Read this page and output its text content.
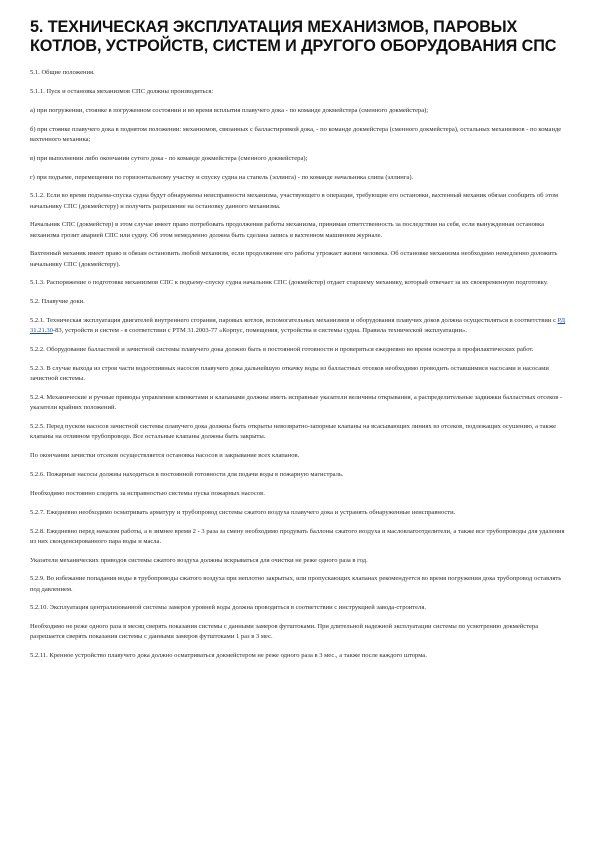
5. ТЕХНИЧЕСКАЯ ЭКСПЛУАТАЦИЯ МЕХАНИЗМОВ, ПАРОВЫХ КОТЛОВ, УСТРОЙСТВ, СИСТЕМ И ДРУГОГО ОБОРУДОВАНИЯ СПС

5.1. Общие положения.

5.1.1. Пуск и остановка механизмов СПС должны производиться:

а) при погружении, стоянке в погруженном состоянии и во время всплытия плавучего дока - по команде докмейстера (сменного докмейстера);

б) при стоянке плавучего дока в поднятом положении: механизмов, связанных с балластировкой дока, - по команде докмейстера (сменного докмейстера), остальных механизмов - по команде вахтенного механика;

в) при выполнении либо окончании сутого дока - по команде докмейстера (сменного докмейстера);

г) при подъеме, перемещении по горизонтальному участку и спуску судна на стапель (эллинга) - по команде начальника слипа (эллинга).

5.1.2. Если во время подъема-спуска судна будут обнаружены неисправности механизма, участвующего в операции, требующие его остановки, вахтенный механик обязан сообщить об этом начальнику СПС (докмейстеру) и получить разрешение на остановку данного механизма.

Начальник СПС (докмейстер) в этом случае имеет право потребовать продолжения работы механизма, принимая ответственность за последствия на себя, если вынужденная остановка механизма грозит аварией СПС или судну. Об этом немедленно должна быть сделана запись в вахтенном машинном журнале.

Вахтенный механик имеет право и обязан остановить любой механизм, если продолжение его работы угрожает жизни человека. Об остановке механизма необходимо немедленно доложить начальнику СПС (докмейстеру).

5.1.3. Распоряжение о подготовке механизмов СПС к подъему-спуску судна начальник СПС (докмейстер) отдает старшему механику, который отвечает за их своевременную подготовку.

5.2. Плавучие доки.

5.2.1. Техническая эксплуатация двигателей внутреннего сгорания, паровых котлов, вспомогательных механизмов и оборудования плавучих доков должна осуществляться в соответствии с РД 31.21.30-83, устройств и систем - в соответствии с РТМ 31.2003-77 «Корпус, помещения, устройства и системы судна. Правила технической эксплуатации».

5.2.2. Оборудование балластной и зачистной системы плавучего дока должно быть в постоянной готовности и проверяться ежедневно во время осмотра и профилактических работ.

5.2.3. В случае выхода из строя части водоотливных насосов плавучего дока дальнейшую откачку воды из балластных отсеков необходимо проводить оставшимися насосами и насосами зачистной системы.

5.2.4. Механические и ручные приводы управления клинкетами и клапанами должны иметь исправные указатели величины открывания, а распределительные задвижки балластных отсеков - указатели крайних положений.

5.2.5. Перед пуском насосов зачистной системы плавучего дока должны быть открыты невозвратно-запорные клапаны на всасывающих линиях из отсеков, подлежащих осушению, а также клапаны на отливном трубопроводе. Все остальные клапаны должны быть закрыты.

По окончании зачистки отсеков осуществляется остановка насосов и закрывание всех клапанов.

5.2.6. Пожарные насосы должны находиться в постоянной готовности для подачи воды в пожарную магистраль.

Необходимо постоянно следить за исправностью системы пуска пожарных насосов.

5.2.7. Ежедневно необходимо осматривать арматуру и трубопровод системы сжатого воздуха плавучего дока и устранять обнаруженные неисправности.

5.2.8. Ежедневно перед началом работы, а в зимнее время 2 - 3 раза за смену необходимо продувать баллоны сжатого воздуха и масловлагоотделители, а также все трубопроводы для удаления из них сконденсированного пара воды и масла.

Указатели механических приводов системы сжатого воздуха должны вскрываться для очистки не реже одного раза в год.

5.2.9. Во избежание попадания воды в трубопроводы сжатого воздуха при неплотно закрытых, или пропускающих клапанах рекомендуется во время погружения дока трубопровод оставлять под давлением.

5.2.10. Эксплуатация централизованной системы замеров уровней воды должна проводиться в соответствии с инструкцией завода-строителя.

Необходимо не реже одного раза в месяц сверять показания системы с данными замеров футштоками. При длительной надежной эксплуатации системы по усмотрению докмейстера разрешается сверять показания системы с данными замеров футштоками 1 раз в 3 мес.

5.2.11. Кренное устройство плавучего дока должно осматриваться докмейстером не реже одного раза в 3 мес., а также после каждого шторма.
